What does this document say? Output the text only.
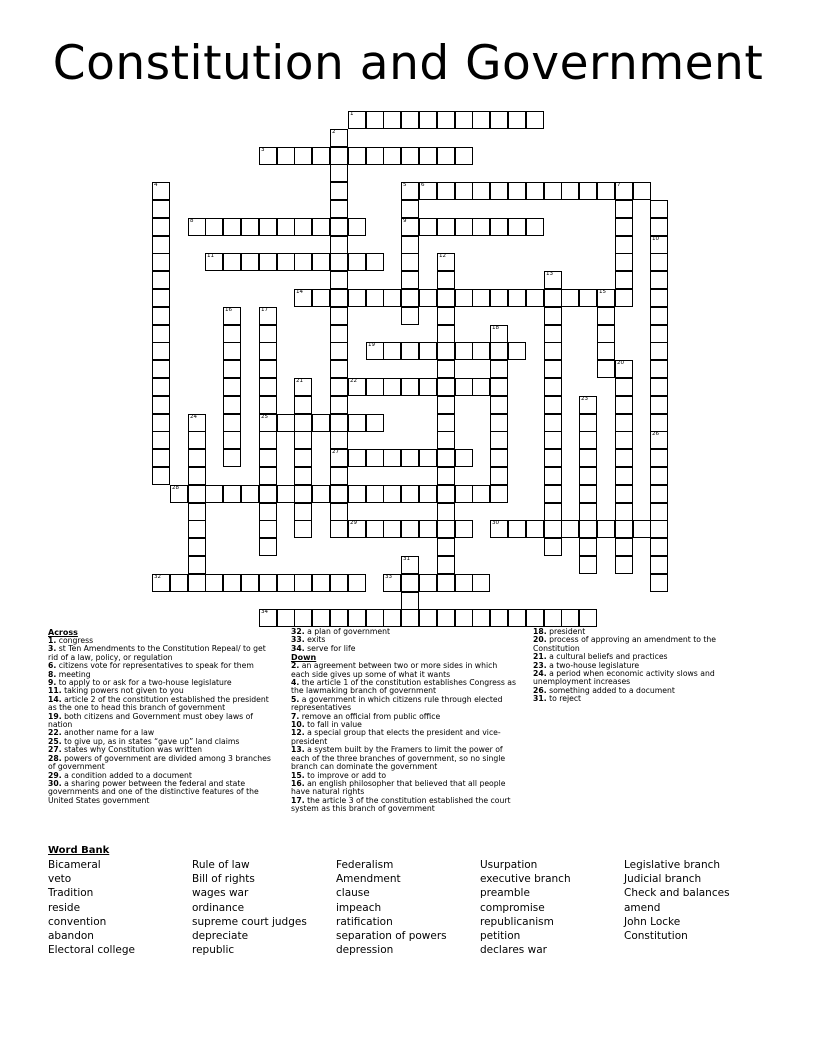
Constitution and Government
1
3
6	7
8	9
11
14	15
19
22
25
27
28
29	30
32	33
34
2
4	5
10
26
12
13
16	17
18
20
21
23
24
31
Across
1. congress
3. st Ten Amendments to the Constitution Repeal/ to get rid of a law, policy, or regulation
6. citizens vote for representatives to speak for them
8. meeting
9. to apply to or ask for a two-house legislature
11. taking powers not given to you
14. article 2 of the constitution established the president as the one to head this branch of government
19. both citizens and Government must obey laws of nation
22. another name for a law
25. to give up, as in states “gave up” land claims
27. states why Constitution was written
28. powers of government are divided among 3 branches of government
29. a condition added to a document
30. a sharing power between the federal and state governments and one of the distinctive features of the United States government
32. a plan of government
33. exits
34. serve for life
Down
2. an agreement between two or more sides in which each side gives up some of what it wants
4. the article 1 of the constitution establishes Congress as the lawmaking branch of government
5. a government in which citizens rule through elected representatives
7. remove an official from public office
10. to fall in value
12. a special group that elects the president and vice-president
13. a system built by the Framers to limit the power of each of the three branches of government, so no single branch can dominate the government
15. to improve or add to
16. an english philosopher that believed that all people have natural rights
17. the article 3 of the constitution established the court system as this branch of government
18. president
20. process of approving an amendment to the Constitution
21. a cultural beliefs and practices
23. a two-house legislature
24. a period when economic activity slows and unemployment increases
26. something added to a document
31. to reject
Word Bank
Bicameral
veto
Tradition
reside
convention
abandon
Electoral college
Rule of law
Bill of rights
wages war
ordinance
supreme court judges
depreciate
republic
Federalism
Amendment
clause
impeach
ratification
separation of powers
depression
Usurpation
executive branch
preamble
compromise
republicanism
petition
declares war
Legislative branch
Judicial branch
Check and balances
amend
John Locke
Constitution
